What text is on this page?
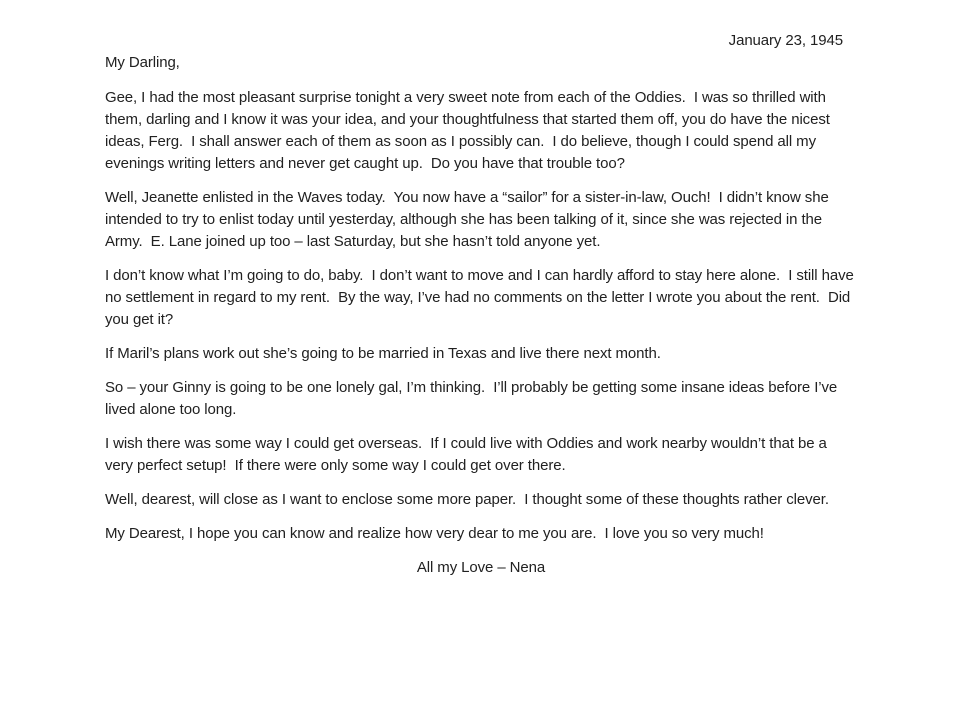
January 23, 1945

My Darling,

Gee, I had the most pleasant surprise tonight a very sweet note from each of the Oddies.  I was so thrilled with them, darling and I know it was your idea, and your thoughtfulness that started them off, you do have the nicest ideas, Ferg.  I shall answer each of them as soon as I possibly can.  I do believe, though I could spend all my evenings writing letters and never get caught up.  Do you have that trouble too?

Well, Jeanette enlisted in the Waves today.  You now have a “sailor” for a sister-in-law, Ouch!  I didn’t know she intended to try to enlist today until yesterday, although she has been talking of it, since she was rejected in the Army.  E. Lane joined up too – last Saturday, but she hasn’t told anyone yet.

I don’t know what I’m going to do, baby.  I don’t want to move and I can hardly afford to stay here alone.  I still have no settlement in regard to my rent.  By the way, I’ve had no comments on the letter I wrote you about the rent.  Did you get it?

If Maril’s plans work out she’s going to be married in Texas and live there next month.

So – your Ginny is going to be one lonely gal, I’m thinking.  I’ll probably be getting some insane ideas before I’ve lived alone too long.

I wish there was some way I could get overseas.  If I could live with Oddies and work nearby wouldn’t that be a very perfect setup!  If there were only some way I could get over there.

Well, dearest, will close as I want to enclose some more paper.  I thought some of these thoughts rather clever.

My Dearest, I hope you can know and realize how very dear to me you are.  I love you so very much!

All my Love – Nena
